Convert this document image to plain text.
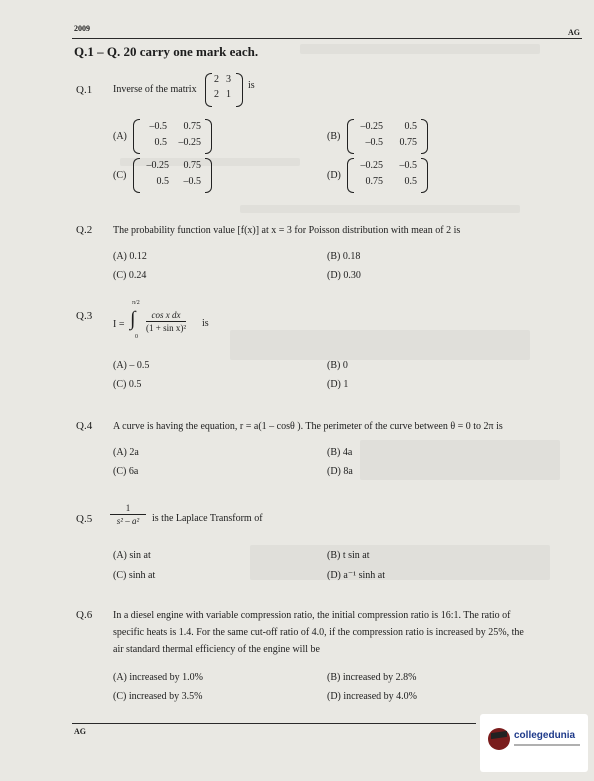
2009	AG
Q.1 – Q. 20 carry one mark each.
Q.1 Inverse of the matrix
2 3
2 1
is
(A)
–0.5	0.75
0.5	–0.25
(B)
–0.25	0.5
–0.5	0.75
(C)
–0.25	0.75
0.5	–0.5
(D)
–0.25	–0.5
0.75	0.5
Q.2 The probability function value [f(x)] at x = 3 for Poisson distribution with mean of 2 is
(A) 0.12	(B) 0.18
(C) 0.24	(D) 0.30
Q.3
I =
π/2
∫
0
cos x dx
(1 + sin x)² is
(A) – 0.5	(B) 0
(C) 0.5	(D) 1
Q.4 A curve is having the equation, r = a(1 – cosθ ). The perimeter of the curve between θ = 0 to 2π is
(A) 2a	(B) 4a
(C) 6a	(D) 8a
Q.5
1
s² – a²	is the Laplace Transform of
(A) sin at	(B) t sin at
(C) sinh at	(D) a⁻¹ sinh at
Q.6 In a diesel engine with variable compression ratio, the initial compression ratio is 16:1. The ratio of
specific heats is 1.4. For the same cut-off ratio of 4.0, if the compression ratio is increased by 25%, the
air standard thermal efficiency of the engine will be
(A) increased by 1.0%	(B) increased by 2.8%
(C) increased by 3.5%	(D) increased by 4.0%
AG	collegedunia
